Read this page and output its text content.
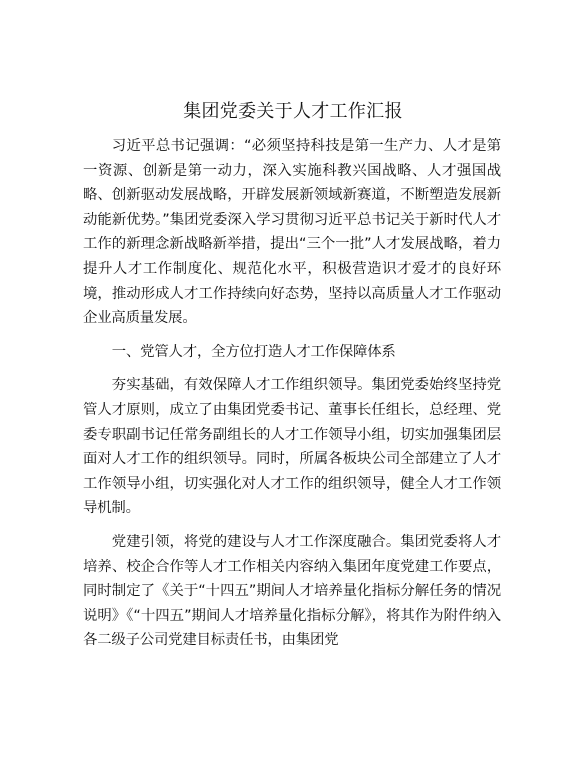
集团党委关于人才工作汇报

习近平总书记强调：“必须坚持科技是第一生产力、人才是第一资源、创新是第一动力，深入实施科教兴国战略、人才强国战略、创新驱动发展战略，开辟发展新领域新赛道，不断塑造发展新动能新优势。”集团党委深入学习贯彻习近平总书记关于新时代人才工作的新理念新战略新举措，提出“三个一批”人才发展战略，着力提升人才工作制度化、规范化水平，积极营造识才爱才的良好环境，推动形成人才工作持续向好态势，坚持以高质量人才工作驱动企业高质量发展。

一、党管人才，全方位打造人才工作保障体系

夯实基础，有效保障人才工作组织领导。集团党委始终坚持党管人才原则，成立了由集团党委书记、董事长任组长，总经理、党委专职副书记任常务副组长的人才工作领导小组，切实加强集团层面对人才工作的组织领导。同时，所属各板块公司全部建立了人才工作领导小组，切实强化对人才工作的组织领导，健全人才工作领导机制。

党建引领，将党的建设与人才工作深度融合。集团党委将人才培养、校企合作等人才工作相关内容纳入集团年度党建工作要点，同时制定了《关于“十四五”期间人才培养量化指标分解任务的情况说明》《“十四五”期间人才培养量化指标分解》，将其作为附件纳入各二级子公司党建目标责任书，由集团党
